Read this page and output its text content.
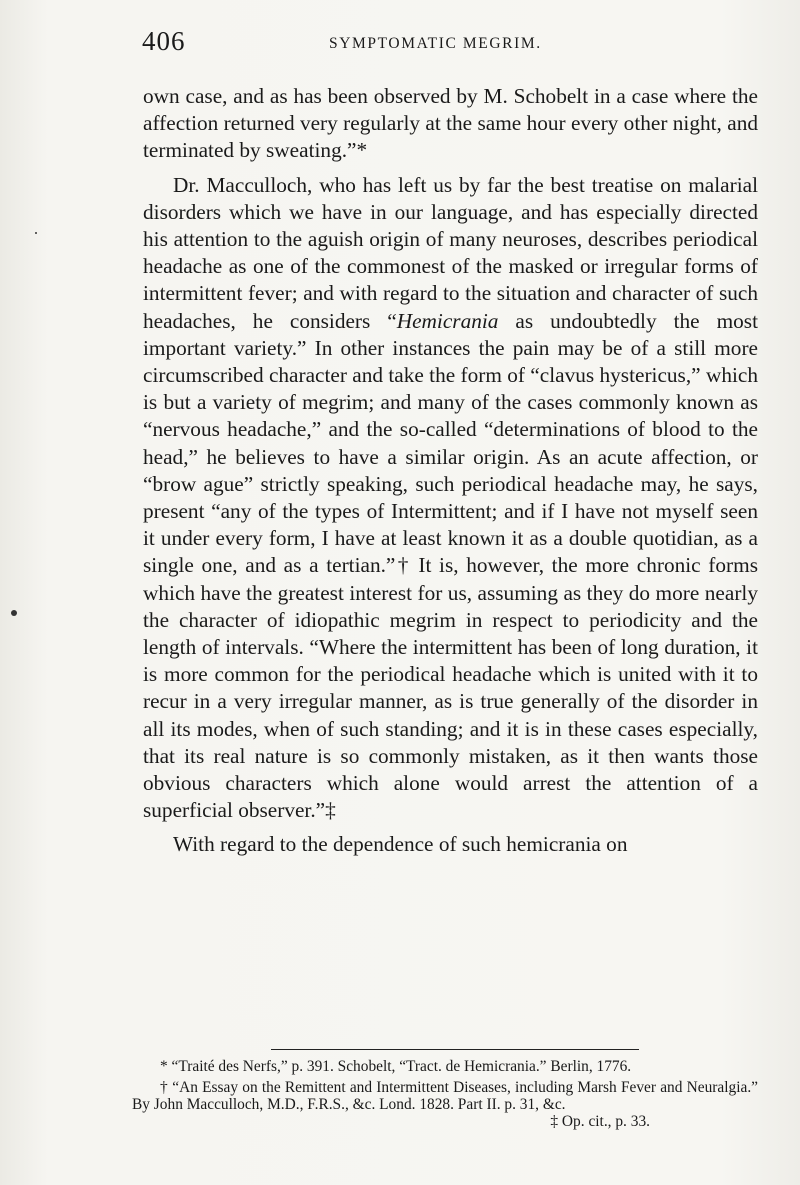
406	SYMPTOMATIC MEGRIM.

own case, and as has been observed by M. Schobelt in a case where the affection returned very regularly at the same hour every other night, and terminated by sweating.”*

Dr. Macculloch, who has left us by far the best treatise on malarial disorders which we have in our language, and has especially directed his attention to the aguish origin of many neuroses, describes periodical headache as one of the commonest of the masked or irregular forms of intermittent fever; and with regard to the situation and character of such headaches, he considers “Hemicrania as undoubtedly the most important variety.” In other instances the pain may be of a still more circumscribed character and take the form of “clavus hystericus,” which is but a variety of megrim; and many of the cases commonly known as “nervous headache,” and the so-called “determinations of blood to the head,” he believes to have a similar origin. As an acute affection, or “brow ague” strictly speaking, such periodical headache may, he says, present “any of the types of Intermittent; and if I have not myself seen it under every form, I have at least known it as a double quotidian, as a single one, and as a tertian.”† It is, however, the more chronic forms which have the greatest interest for us, assuming as they do more nearly the character of idiopathic megrim in respect to periodicity and the length of intervals. “Where the intermittent has been of long duration, it is more common for the periodical headache which is united with it to recur in a very irregular manner, as is true generally of the disorder in all its modes, when of such standing; and it is in these cases especially, that its real nature is so commonly mistaken, as it then wants those obvious characters which alone would arrest the attention of a superficial observer.”‡

With regard to the dependence of such hemicrania on

* “Traité des Nerfs,” p. 391. Schobelt, “Tract. de Hemicrania.” Berlin, 1776.

† “An Essay on the Remittent and Intermittent Diseases, including Marsh Fever and Neuralgia.” By John Macculloch, M.D., F.R.S., &c. Lond. 1828. Part II. p. 31, &c.

‡ Op. cit., p. 33.
